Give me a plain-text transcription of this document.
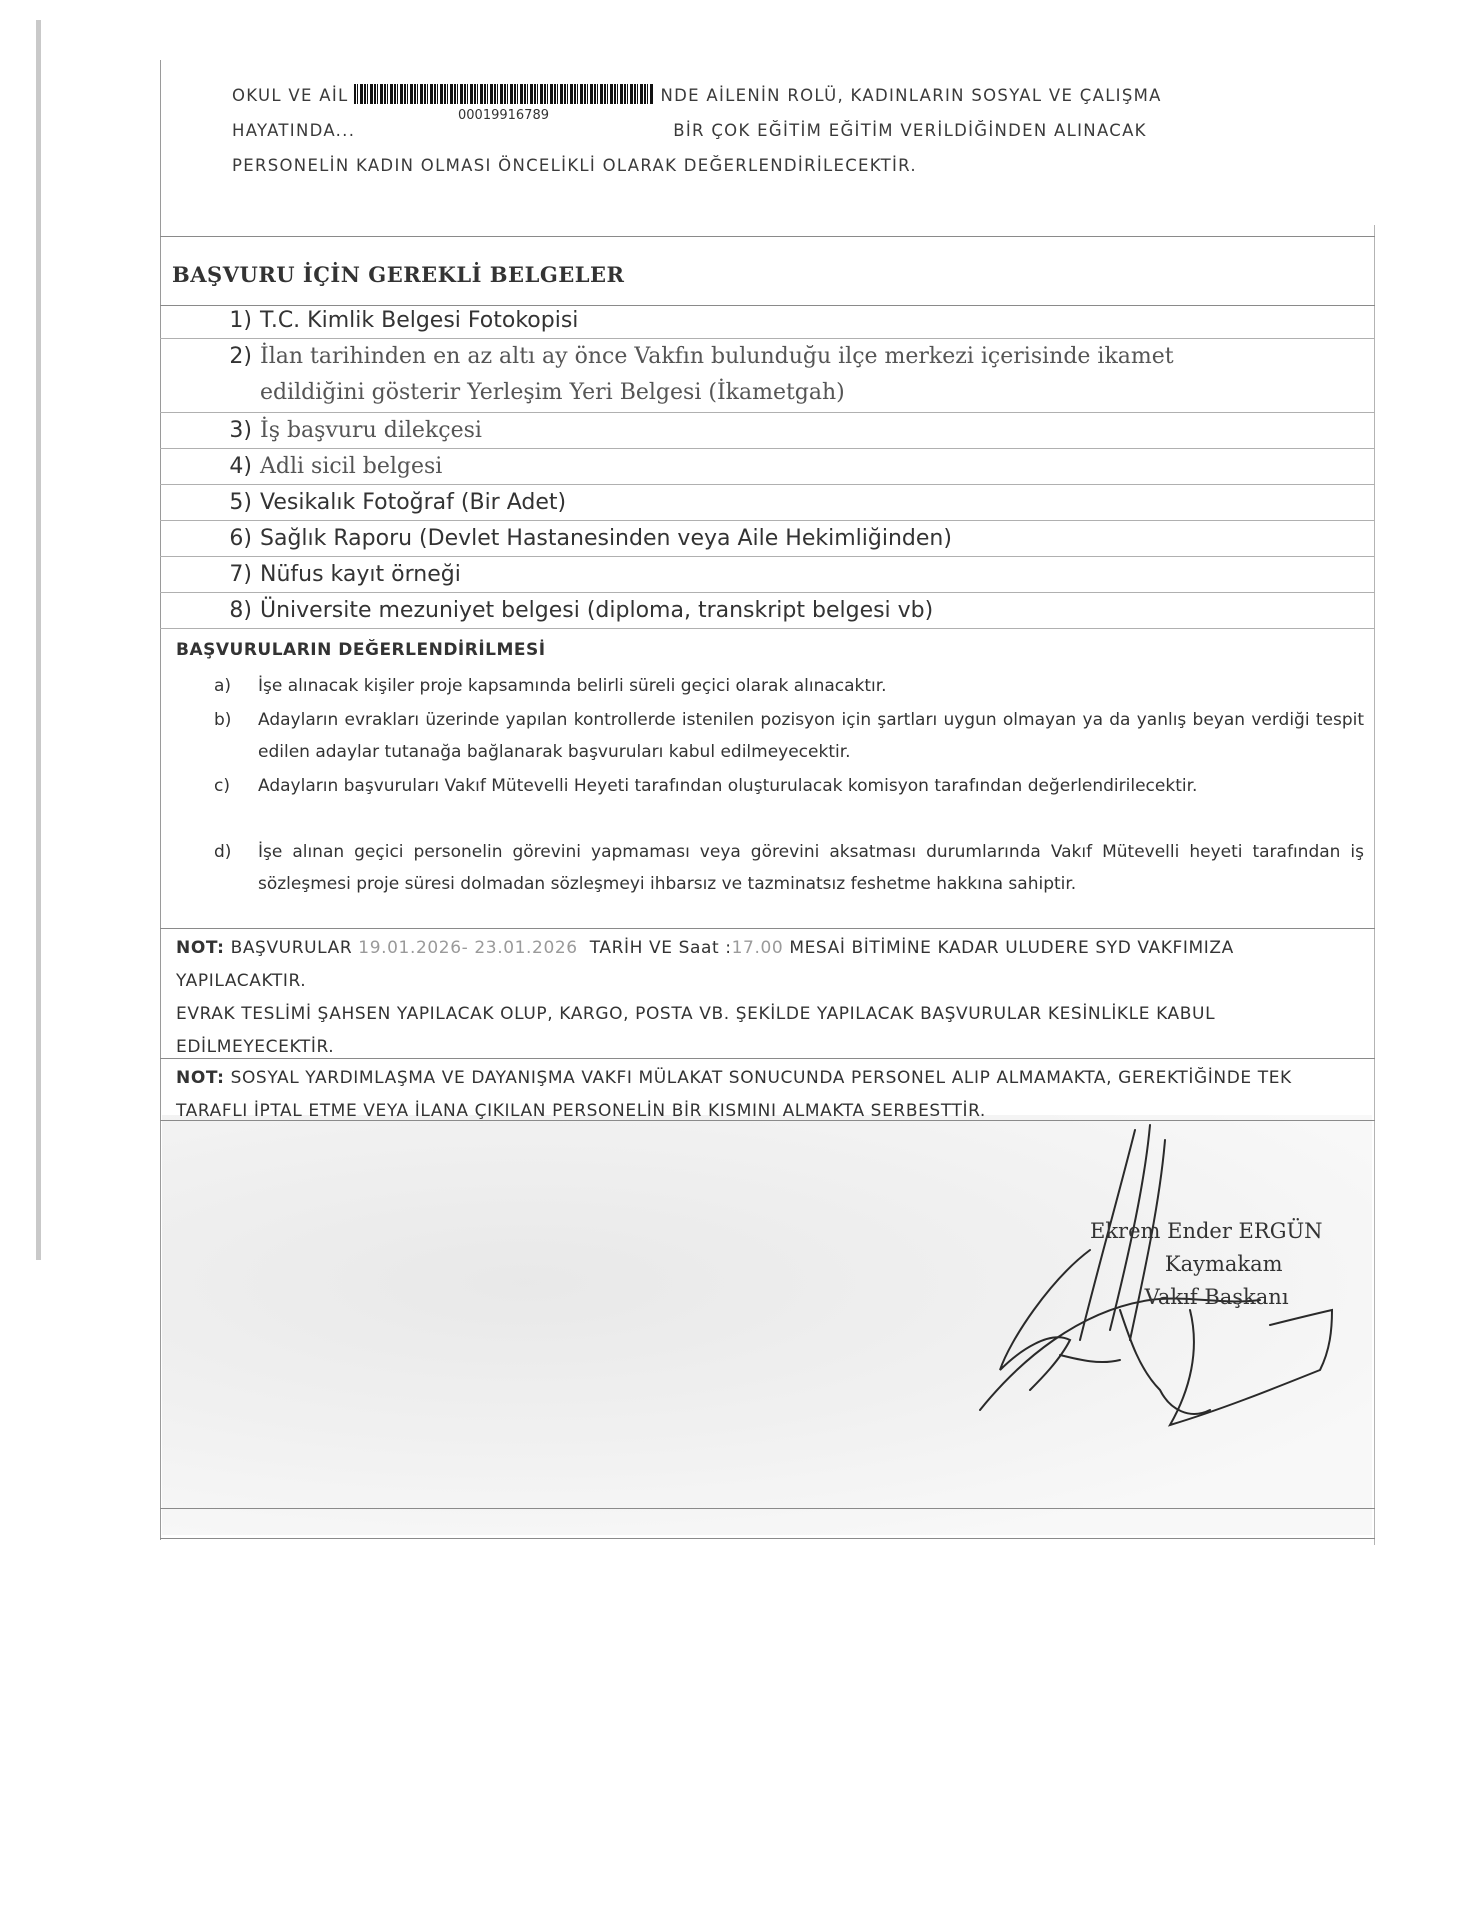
OKUL VE AİL	NDE AİLENİN ROLÜ, KADINLARIN SOSYAL VE ÇALIŞMA

HAYATINDA...	BİR ÇOK EĞİTİM EĞİTİM VERİLDİĞİNDEN ALINACAK

PERSONELİN KADIN OLMASI ÖNCELİKLİ OLARAK DEĞERLENDİRİLECEKTİR.

00019916789
BAŞVURU İÇİN GEREKLİ BELGELER
1) T.C. Kimlik Belgesi Fotokopisi
2) İlan tarihinden en az altı ay önce Vakfın bulunduğu ilçe merkezi içerisinde ikamet
edildiğini gösterir Yerleşim Yeri Belgesi (İkametgah)
3) İş başvuru dilekçesi
4) Adli sicil belgesi
5) Vesikalık Fotoğraf (Bir Adet)
6) Sağlık Raporu (Devlet Hastanesinden veya Aile Hekimliğinden)
7) Nüfus kayıt örneği
8) Üniversite mezuniyet belgesi (diploma, transkript belgesi vb)
BAŞVURULARIN DEĞERLENDİRİLMESİ
a) İşe alınacak kişiler proje kapsamında belirli süreli geçici olarak alınacaktır.
b) Adayların evrakları üzerinde yapılan kontrollerde istenilen pozisyon için şartları uygun olmayan ya da yanlış beyan verdiği tespit edilen adaylar tutanağa bağlanarak başvuruları kabul edilmeyecektir.
c) Adayların başvuruları Vakıf Mütevelli Heyeti tarafından oluşturulacak komisyon tarafından değerlendirilecektir.
d) İşe alınan geçici personelin görevini yapmaması veya görevini aksatması durumlarında Vakıf Mütevelli heyeti tarafından iş sözleşmesi proje süresi dolmadan sözleşmeyi ihbarsız ve tazminatsız feshetme hakkına sahiptir.
NOT: BAŞVURULAR 19.01.2026- 23.01.2026 TARİH VE Saat :17.00 MESAİ BİTİMİNE KADAR ULUDERE SYD VAKFIMIZA YAPILACAKTIR.
EVRAK TESLİMİ ŞAHSEN YAPILACAK OLUP, KARGO, POSTA VB. ŞEKİLDE YAPILACAK BAŞVURULAR KESİNLİKLE KABUL EDİLMEYECEKTİR.
NOT: SOSYAL YARDIMLAŞMA VE DAYANIŞMA VAKFI MÜLAKAT SONUCUNDA PERSONEL ALIP ALMAMAKTA, GEREKTİĞİNDE TEK TARAFLI İPTAL ETME VEYA İLANA ÇIKILAN PERSONELİN BİR KISMINI ALMAKTA SERBESTTİR.
Ekrem Ender ERGÜN
Kaymakam
Vakıf Başkanı
